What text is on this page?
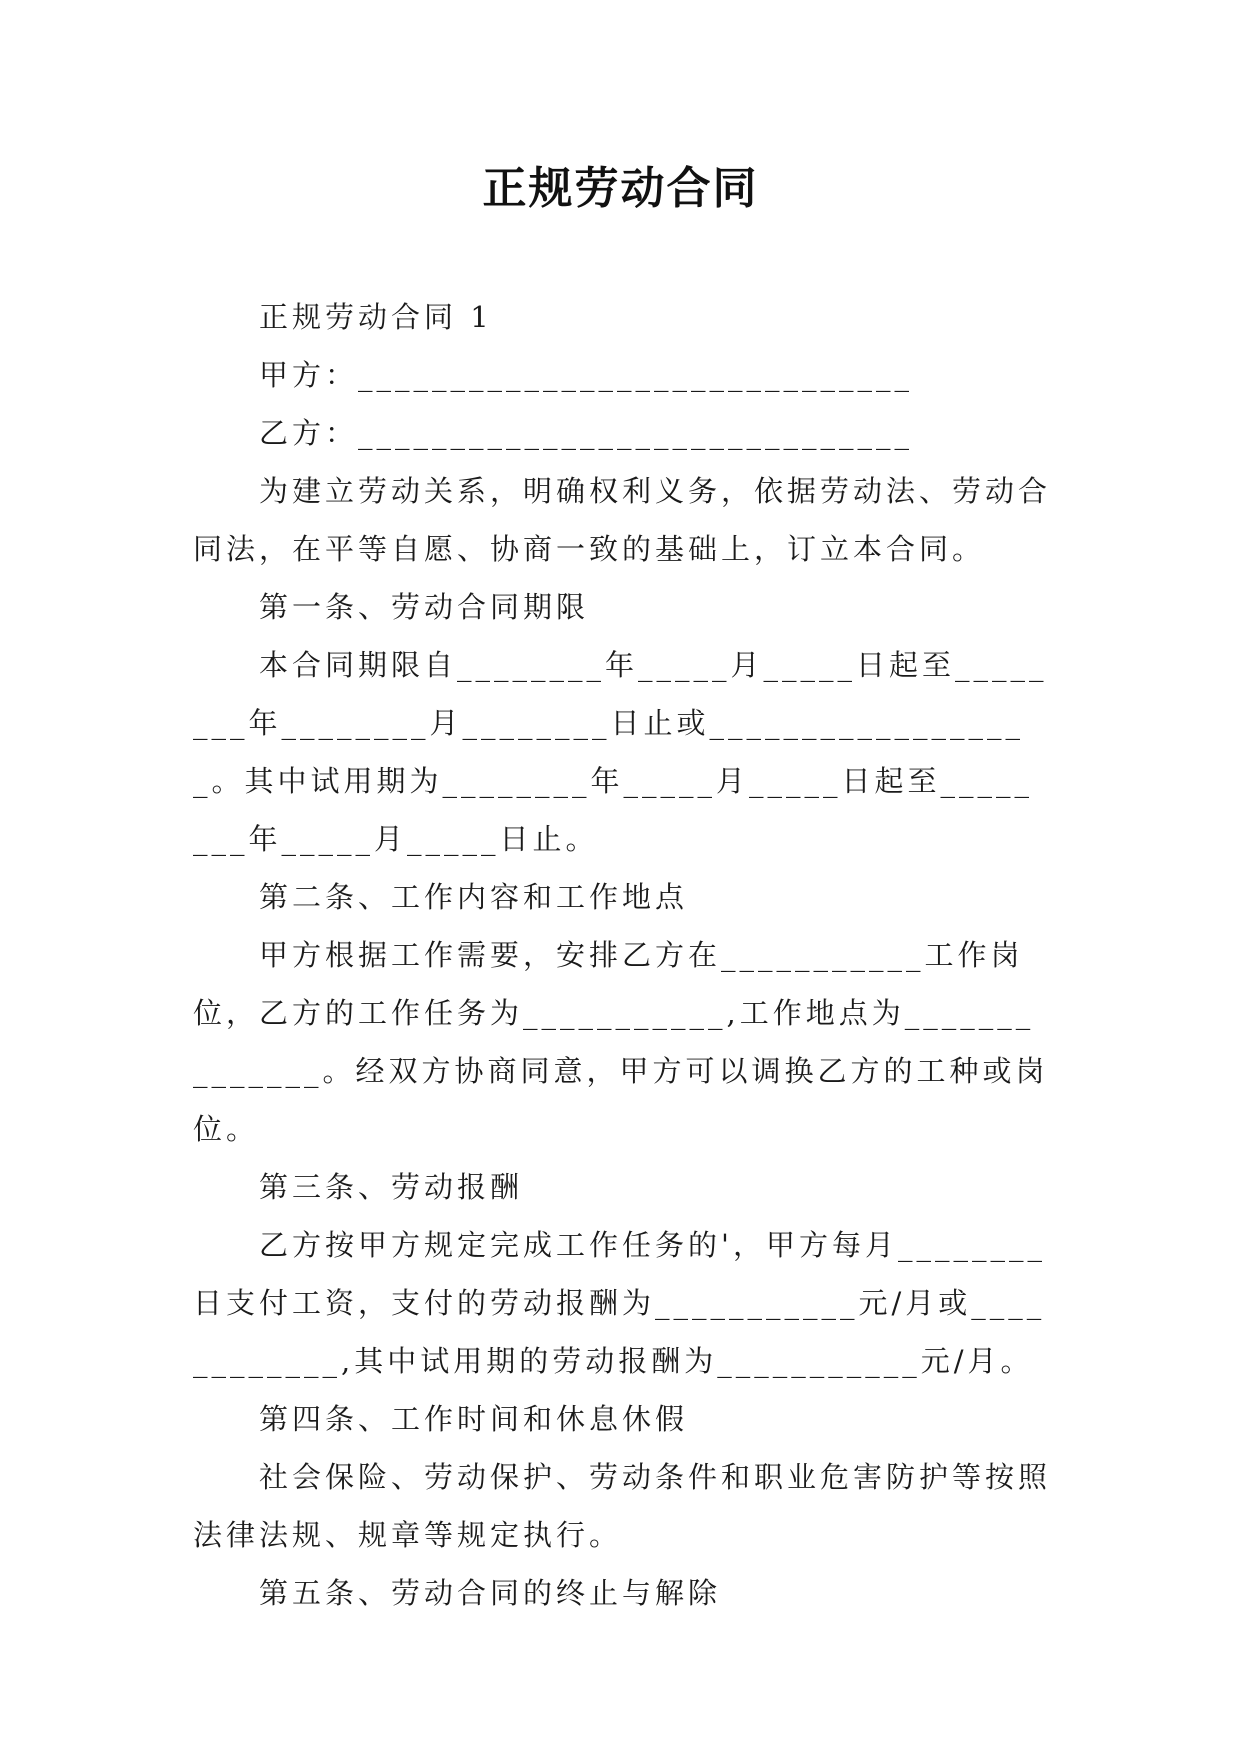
正规劳动合同

正规劳动合同 1

甲方：______________________________

乙方：______________________________

为建立劳动关系，明确权利义务，依据劳动法、劳动合同法，在平等自愿、协商一致的基础上，订立本合同。

第一条、劳动合同期限

本合同期限自________年_____月_____日起至________年________月________日止或__________________。其中试用期为________年_____月_____日起至________年_____月_____日止。

第二条、工作内容和工作地点

甲方根据工作需要，安排乙方在___________工作岗位，乙方的工作任务为___________,工作地点为______________。经双方协商同意，甲方可以调换乙方的工种或岗位。

第三条、劳动报酬

乙方按甲方规定完成工作任务的'，甲方每月________日支付工资，支付的劳动报酬为___________元/月或____________,其中试用期的劳动报酬为___________元/月。

第四条、工作时间和休息休假

社会保险、劳动保护、劳动条件和职业危害防护等按照法律法规、规章等规定执行。

第五条、劳动合同的终止与解除
